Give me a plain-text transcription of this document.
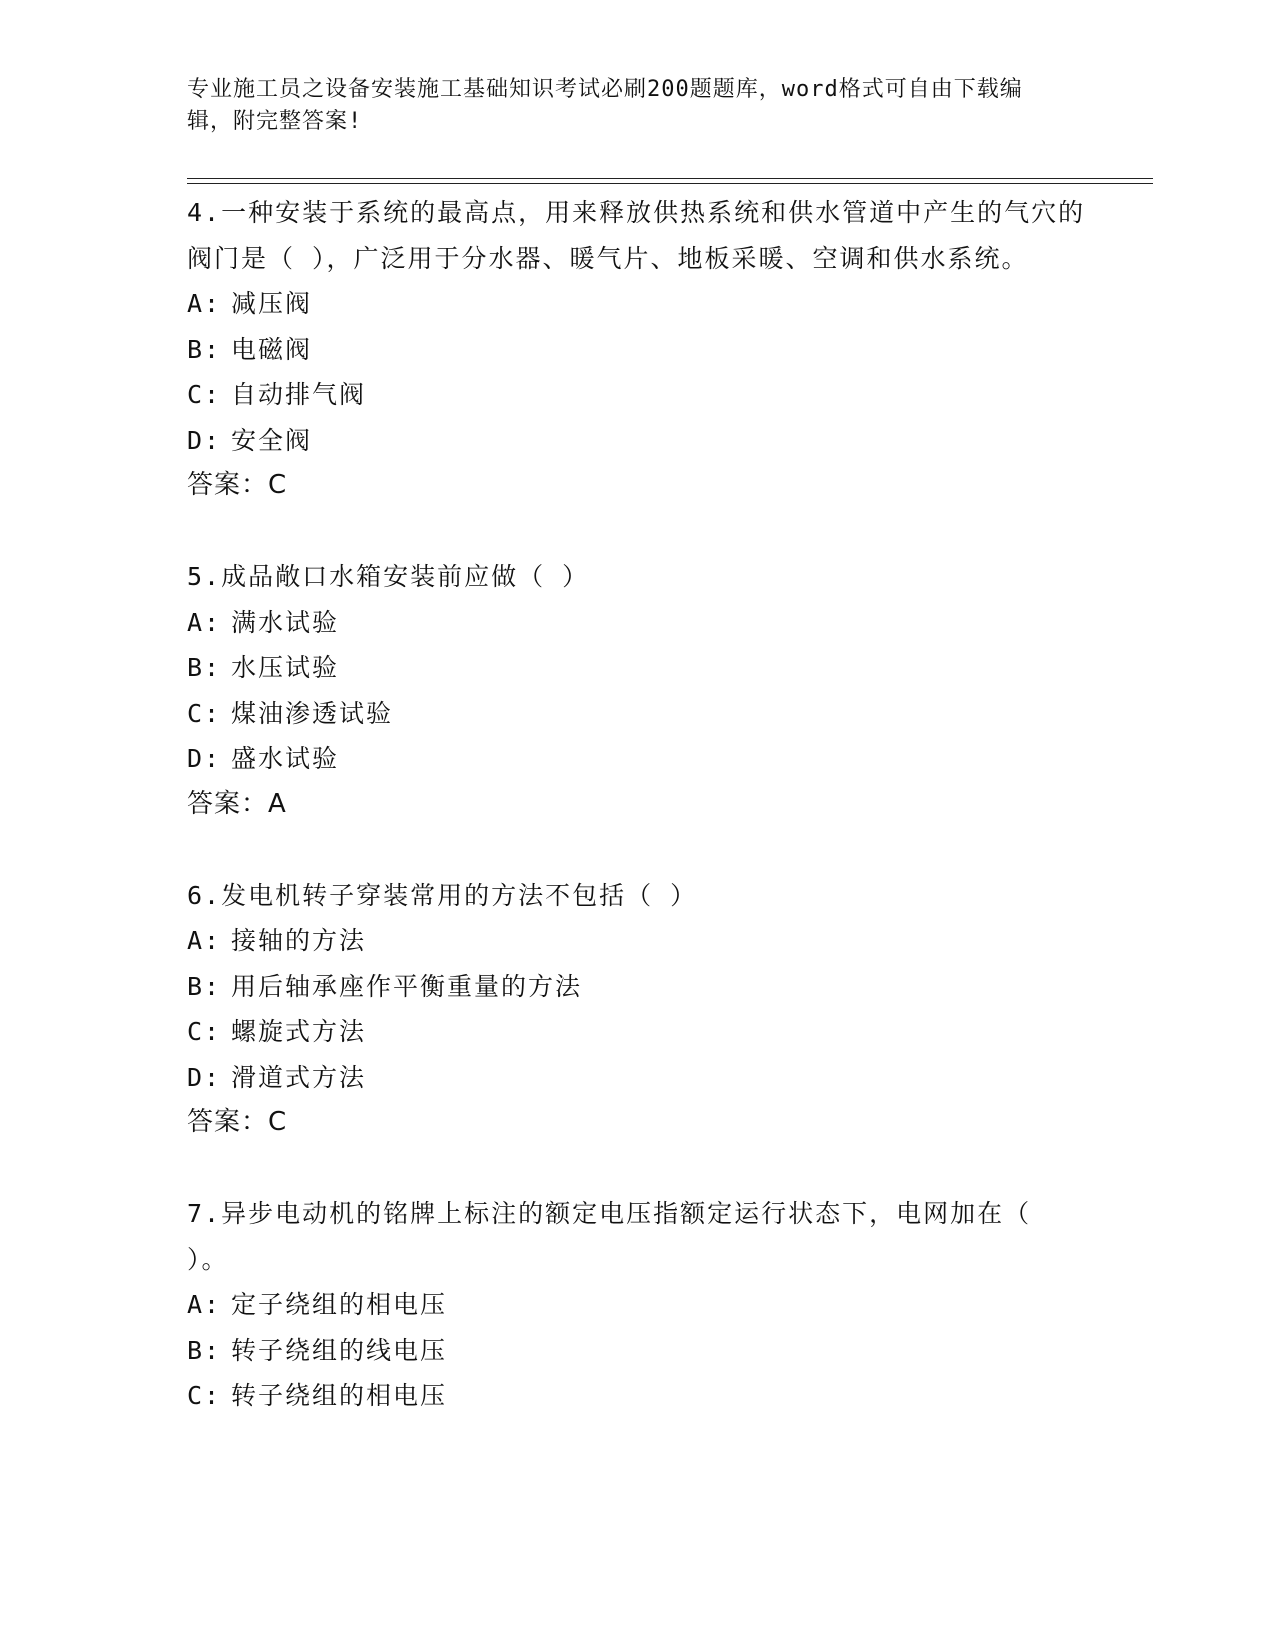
专业施工员之设备安装施工基础知识考试必刷200题题库，word格式可自由下载编辑，附完整答案!

4.一种安装于系统的最高点，用来释放供热系统和供水管道中产生的气穴的阀门是（ ），广泛用于分水器、暖气片、地板采暖、空调和供水系统。

A: 减压阀

B: 电磁阀

C: 自动排气阀

D: 安全阀

答案：C

5.成品敞口水箱安装前应做（ ）

A: 满水试验

B: 水压试验

C: 煤油渗透试验

D: 盛水试验

答案：A

6.发电机转子穿装常用的方法不包括（ ）

A: 接轴的方法

B: 用后轴承座作平衡重量的方法

C: 螺旋式方法

D: 滑道式方法

答案：C

7.异步电动机的铭牌上标注的额定电压指额定运行状态下，电网加在（ ）。

A: 定子绕组的相电压

B: 转子绕组的线电压

C: 转子绕组的相电压
